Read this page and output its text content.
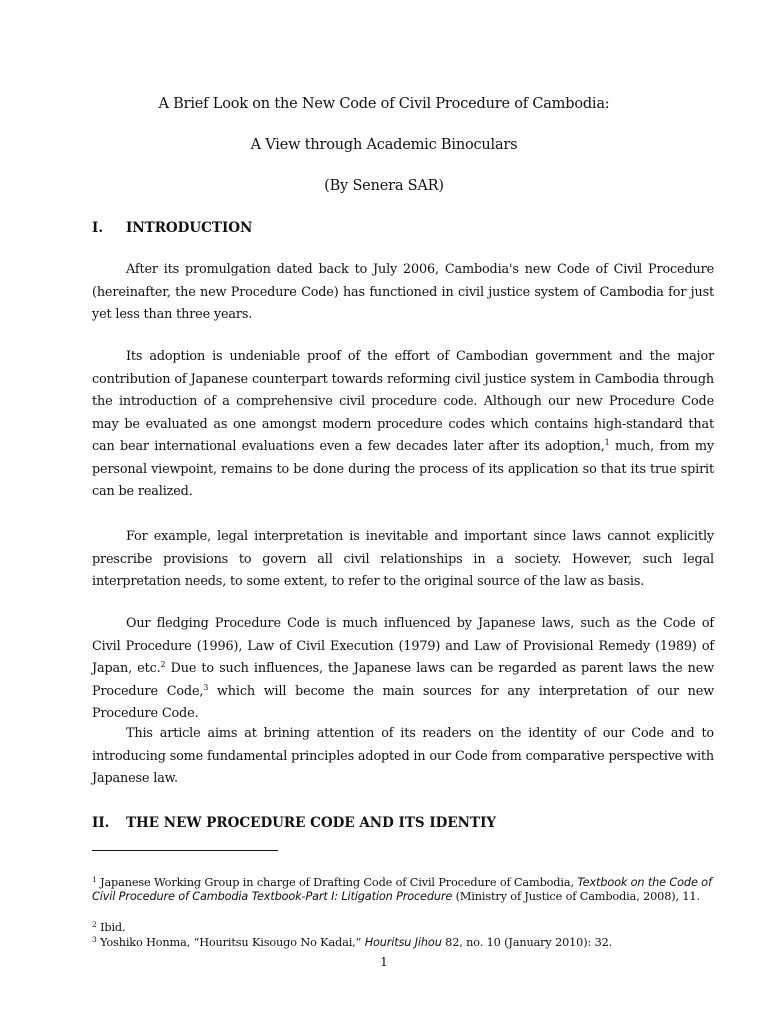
A Brief Look on the New Code of Civil Procedure of Cambodia:
A View through Academic Binoculars
(By Senera SAR)
I. INTRODUCTION

After its promulgation dated back to July 2006, Cambodia's new Code of Civil Procedure (hereinafter, the new Procedure Code) has functioned in civil justice system of Cambodia for just yet less than three years.

Its adoption is undeniable proof of the effort of Cambodian government and the major contribution of Japanese counterpart towards reforming civil justice system in Cambodia through the introduction of a comprehensive civil procedure code. Although our new Procedure Code may be evaluated as one amongst modern procedure codes which contains high-standard that can bear international evaluations even a few decades later after its adoption,$^1$ much, from my personal viewpoint, remains to be done during the process of its application so that its true spirit can be realized.

For example, legal interpretation is inevitable and important since laws cannot explicitly prescribe provisions to govern all civil relationships in a society. However, such legal interpretation needs, to some extent, to refer to the original source of the law as basis.

Our fledging Procedure Code is much influenced by Japanese laws, such as the Code of Civil Procedure (1996), Law of Civil Execution (1979) and Law of Provisional Remedy (1989) of Japan, etc.$^2$ Due to such influences, the Japanese laws can be regarded as parent laws the new Procedure Code,$^3$ which will become the main sources for any interpretation of our new Procedure Code.

This article aims at brining attention of its readers on the identity of our Code and to introducing some fundamental principles adopted in our Code from comparative perspective with Japanese law.

II. THE NEW PROCEDURE CODE AND ITS IDENTIY
$^1$ Japanese Working Group in charge of Drafting Code of Civil Procedure of Cambodia, Textbook on the Code of Civil Procedure of Cambodia Textbook-Part I: Litigation Procedure (Ministry of Justice of Cambodia, 2008), 11.
$^2$ Ibid.
$^3$ Yoshiko Honma, “Houritsu Kisougo No Kadai,” Houritsu Jihou 82, no. 10 (January 2010): 32.
1
